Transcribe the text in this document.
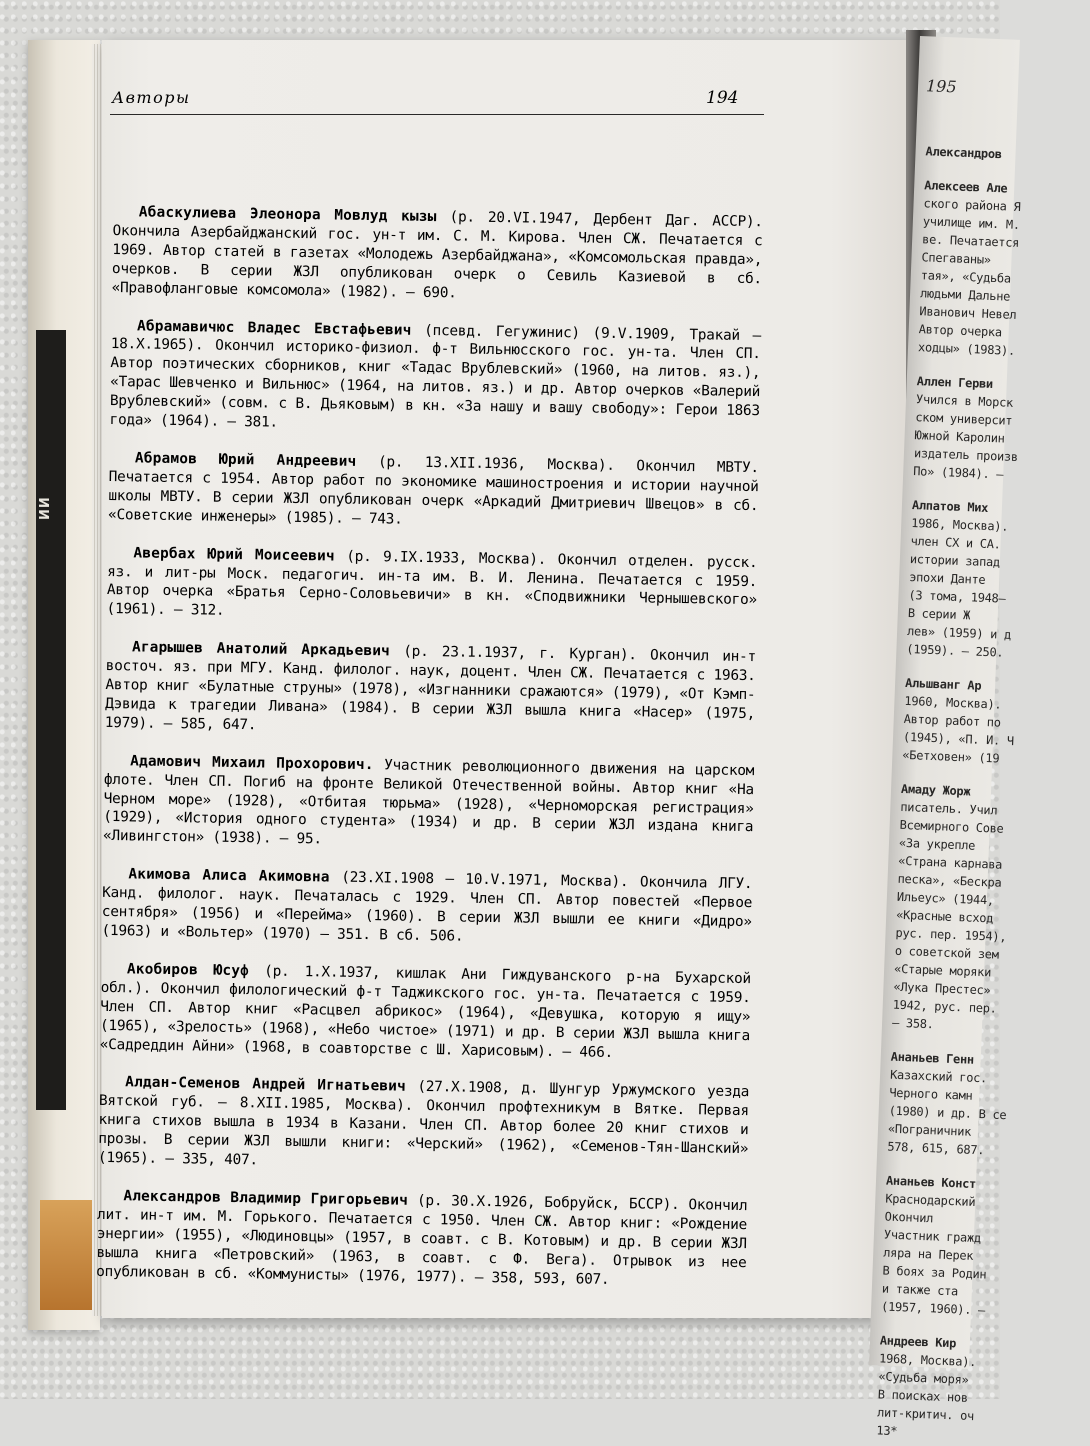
ИИ
Авторы	194

Абаскулиева Элеонора Мовлуд кызы (р. 20.VI.1947, Дербент Даг. АССР). Окончила Азербайджанский гос. ун-т им. С. М. Кирова. Член СЖ. Печатается с 1969. Автор статей в газетах «Молодежь Азербайджана», «Комсомольская правда», очерков. В серии ЖЗЛ опубликован очерк о Севиль Казиевой в сб. «Правофланговые комсомола» (1982). — 690.

Абрамавичюс Владес Евстафьевич (псевд. Гегужинис) (9.V.1909, Тракай — 18.X.1965). Окончил историко-физиол. ф-т Вильнюсского гос. ун-та. Член СП. Автор поэтических сборников, книг «Тадас Врублевский» (1960, на литов. яз.), «Тарас Шевченко и Вильнюс» (1964, на литов. яз.) и др. Автор очерков «Валерий Врублевский» (совм. с В. Дьяковым) в кн. «За нашу и вашу свободу»: Герои 1863 года» (1964). — 381.

Абрамов Юрий Андреевич (р. 13.XII.1936, Москва). Окончил МВТУ. Печатается с 1954. Автор работ по экономике машиностроения и истории научной школы МВТУ. В серии ЖЗЛ опубликован очерк «Аркадий Дмитриевич Швецов» в сб. «Советские инженеры» (1985). — 743.

Авербах Юрий Моисеевич (р. 9.IX.1933, Москва). Окончил отделен. русск. яз. и лит-ры Моск. педагогич. ин-та им. В. И. Ленина. Печатается с 1959. Автор очерка «Братья Серно-Соловьевичи» в кн. «Сподвижники Чернышевского» (1961). — 312.

Агарышев Анатолий Аркадьевич (р. 23.1.1937, г. Курган). Окончил ин-т восточ. яз. при МГУ. Канд. филолог. наук, доцент. Член СЖ. Печатается с 1963. Автор книг «Булатные струны» (1978), «Изгнанники сражаются» (1979), «От Кэмп-Дэвида к трагедии Ливана» (1984). В серии ЖЗЛ вышла книга «Насер» (1975, 1979). — 585, 647.

Адамович Михаил Прохорович. Участник революционного движения на царском флоте. Член СП. Погиб на фронте Великой Отечественной войны. Автор книг «На Черном море» (1928), «Отбитая тюрьма» (1928), «Черноморская регистрация» (1929), «История одного студента» (1934) и др. В серии ЖЗЛ издана книга «Ливингстон» (1938). — 95.

Акимова Алиса Акимовна (23.XI.1908 — 10.V.1971, Москва). Окончила ЛГУ. Канд. филолог. наук. Печаталась с 1929. Член СП. Автор повестей «Первое сентября» (1956) и «Перейма» (1960). В серии ЖЗЛ вышли ее книги «Дидро» (1963) и «Вольтер» (1970) — 351. В сб. 506.

Акобиров Юсуф (р. 1.X.1937, кишлак Ани Гиждуванского р-на Бухарской обл.). Окончил филологический ф-т Таджикского гос. ун-та. Печатается с 1959. Член СП. Автор книг «Расцвел абрикос» (1964), «Девушка, которую я ищу» (1965), «Зрелость» (1968), «Небо чистое» (1971) и др. В серии ЖЗЛ вышла книга «Садреддин Айни» (1968, в соавторстве с Ш. Харисовым). — 466.

Алдан-Семенов Андрей Игнатьевич (27.X.1908, д. Шунгур Уржумского уезда Вятской губ. — 8.XII.1985, Москва). Окончил профтехникум в Вятке. Первая книга стихов вышла в 1934 в Казани. Член СП. Автор более 20 книг стихов и прозы. В серии ЖЗЛ вышли книги: «Черский» (1962), «Семенов-Тян-Шанский» (1965). — 335, 407.

Александров Владимир Григорьевич (р. 30.X.1926, Бобруйск, БССР). Окончил лит. ин-т им. М. Горького. Печатается с 1950. Член СЖ. Автор книг: «Рождение энергии» (1955), «Людиновцы» (1957, в соавт. с В. Котовым) и др. В серии ЖЗЛ вышла книга «Петровский» (1963, в соавт. с Ф. Вега). Отрывок из нее опубликован в сб. «Коммунисты» (1976, 1977). — 358, 593, 607.

195
Александров
Алексеев Але
ского района Я
училище им. М.
ве. Печатается
Спегаваны»
тая», «Судьба
людьми Дальне
Иванович Невел
Автор очерка
ходцы» (1983).
Аллен Герви
Учился в Морск
ском университ
Южной Каролин
издатель произв
По» (1984). —
Алпатов Мих
1986, Москва).
член СХ и СА.
истории запад
эпохи Данте
(3 тома, 1948–
В серии Ж
лев» (1959) и д
(1959). — 250.
Альшванг Ар
1960, Москва).
Автор работ по
(1945), «П. И. Ч
«Бетховен» (19
Амаду Жорж
писатель. Учил
Всемирного Сове
«За укрепле
«Страна карнава
песка», «Бескра
Ильеус» (1944,
«Красные всход
рус. пер. 1954),
о советской зем
«Старые моряки
«Лука Престес»
1942, рус. пер.
— 358.
Ананьев Генн
Казахский гос.
Черного камн
(1980) и др. В се
«Пограничник
578, 615, 687.
Ананьев Конст
Краснодарский
Окончил
Участник гражд
ляра на Перек
В боях за Родин
и также ста
(1957, 1960). —
Андреев Кир
1968, Москва).
«Судьба моря»
В поисках нов
лит-критич. оч
13*
